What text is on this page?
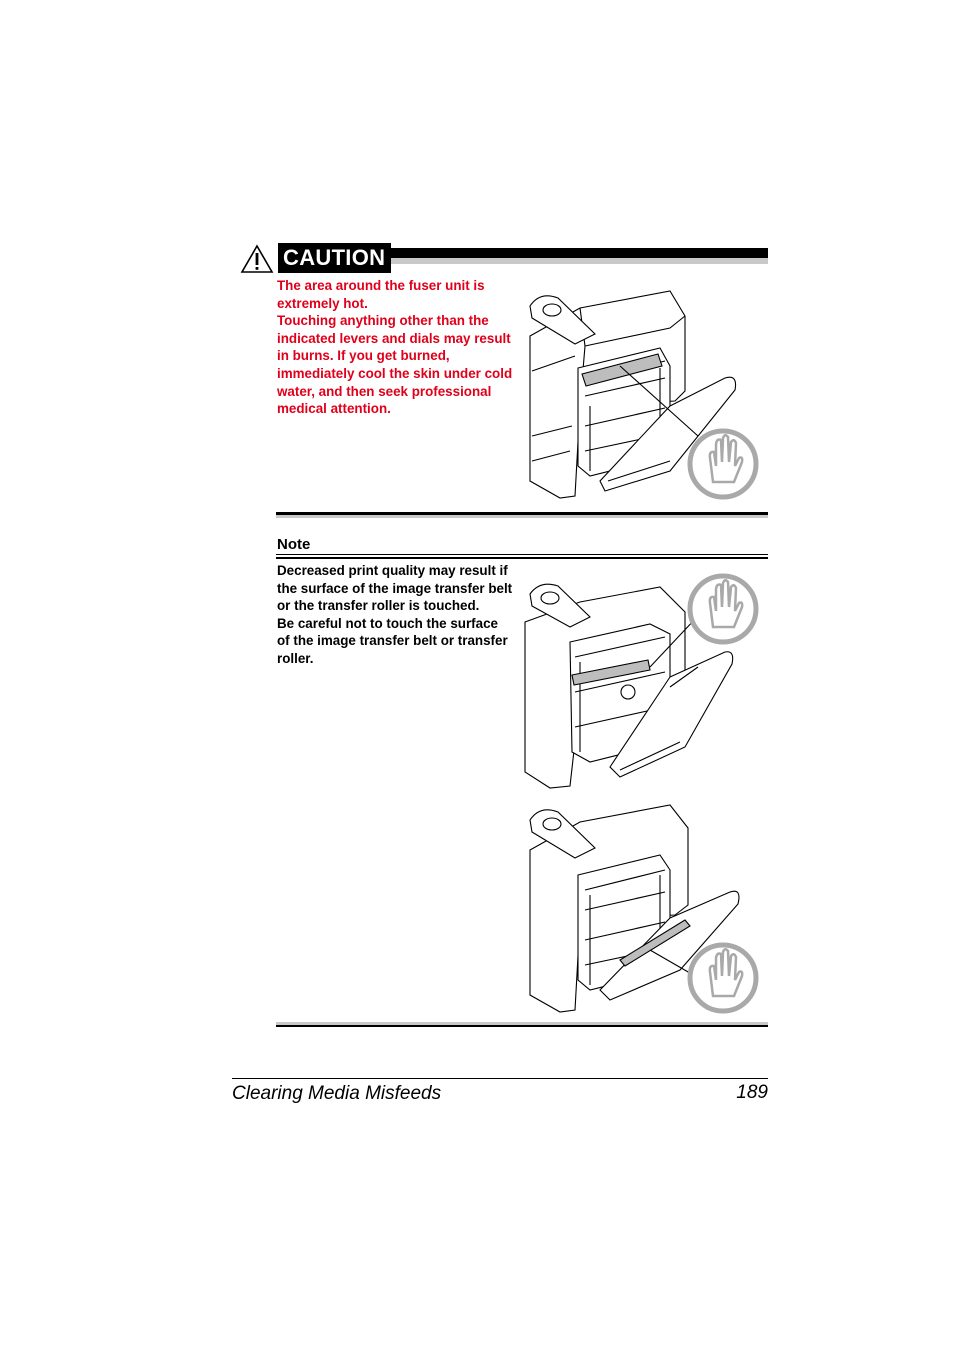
CAUTION

The area around the fuser unit is extremely hot.

Touching anything other than the indicated levers and dials may result in burns. If you get burned, immediately cool the skin under cold water, and then seek professional medical attention.

Note

Decreased print quality may result if the surface of the image transfer belt or the transfer roller is touched.

Be careful not to touch the surface of the image transfer belt or transfer roller.

Clearing Media Misfeeds	189
